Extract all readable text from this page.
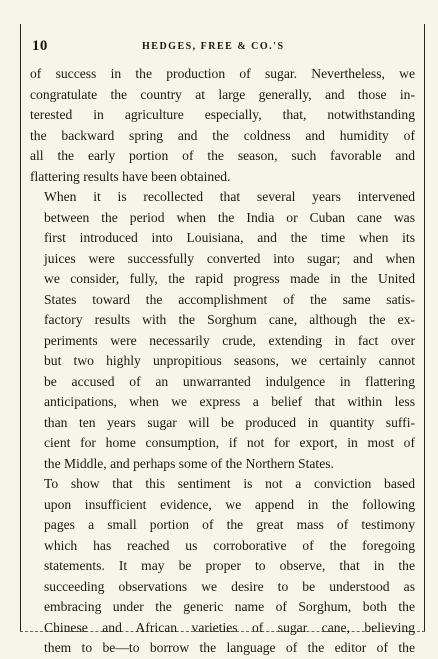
10	HEDGES, FREE & CO.'S

of success in the production of sugar. Nevertheless, we
congratulate the country at large generally, and those in-
terested in agriculture especially, that, notwithstanding
the backward spring and the coldness and humidity of
all the early portion of the season, such favorable and
flattering results have been obtained.

When it is recollected that several years intervened
between the period when the India or Cuban cane was
first introduced into Louisiana, and the time when its
juices were successfully converted into sugar; and when
we consider, fully, the rapid progress made in the United
States toward the accomplishment of the same satis-
factory results with the Sorghum cane, although the ex-
periments were necessarily crude, extending in fact over
but two highly unpropitious seasons, we certainly cannot
be accused of an unwarranted indulgence in flattering
anticipations, when we express a belief that within less
than ten years sugar will be produced in quantity suffi-
cient for home consumption, if not for export, in most of
the Middle, and perhaps some of the Northern States.

To show that this sentiment is not a conviction based
upon insufficient evidence, we append in the following
pages a small portion of the great mass of testimony
which has reached us corroborative of the foregoing
statements. It may be proper to observe, that in the
succeeding observations we desire to be understood as
embracing under the generic name of Sorghum, both the
Chinese and African varieties of sugar cane, believing
them to be—to borrow the language of the editor of the
